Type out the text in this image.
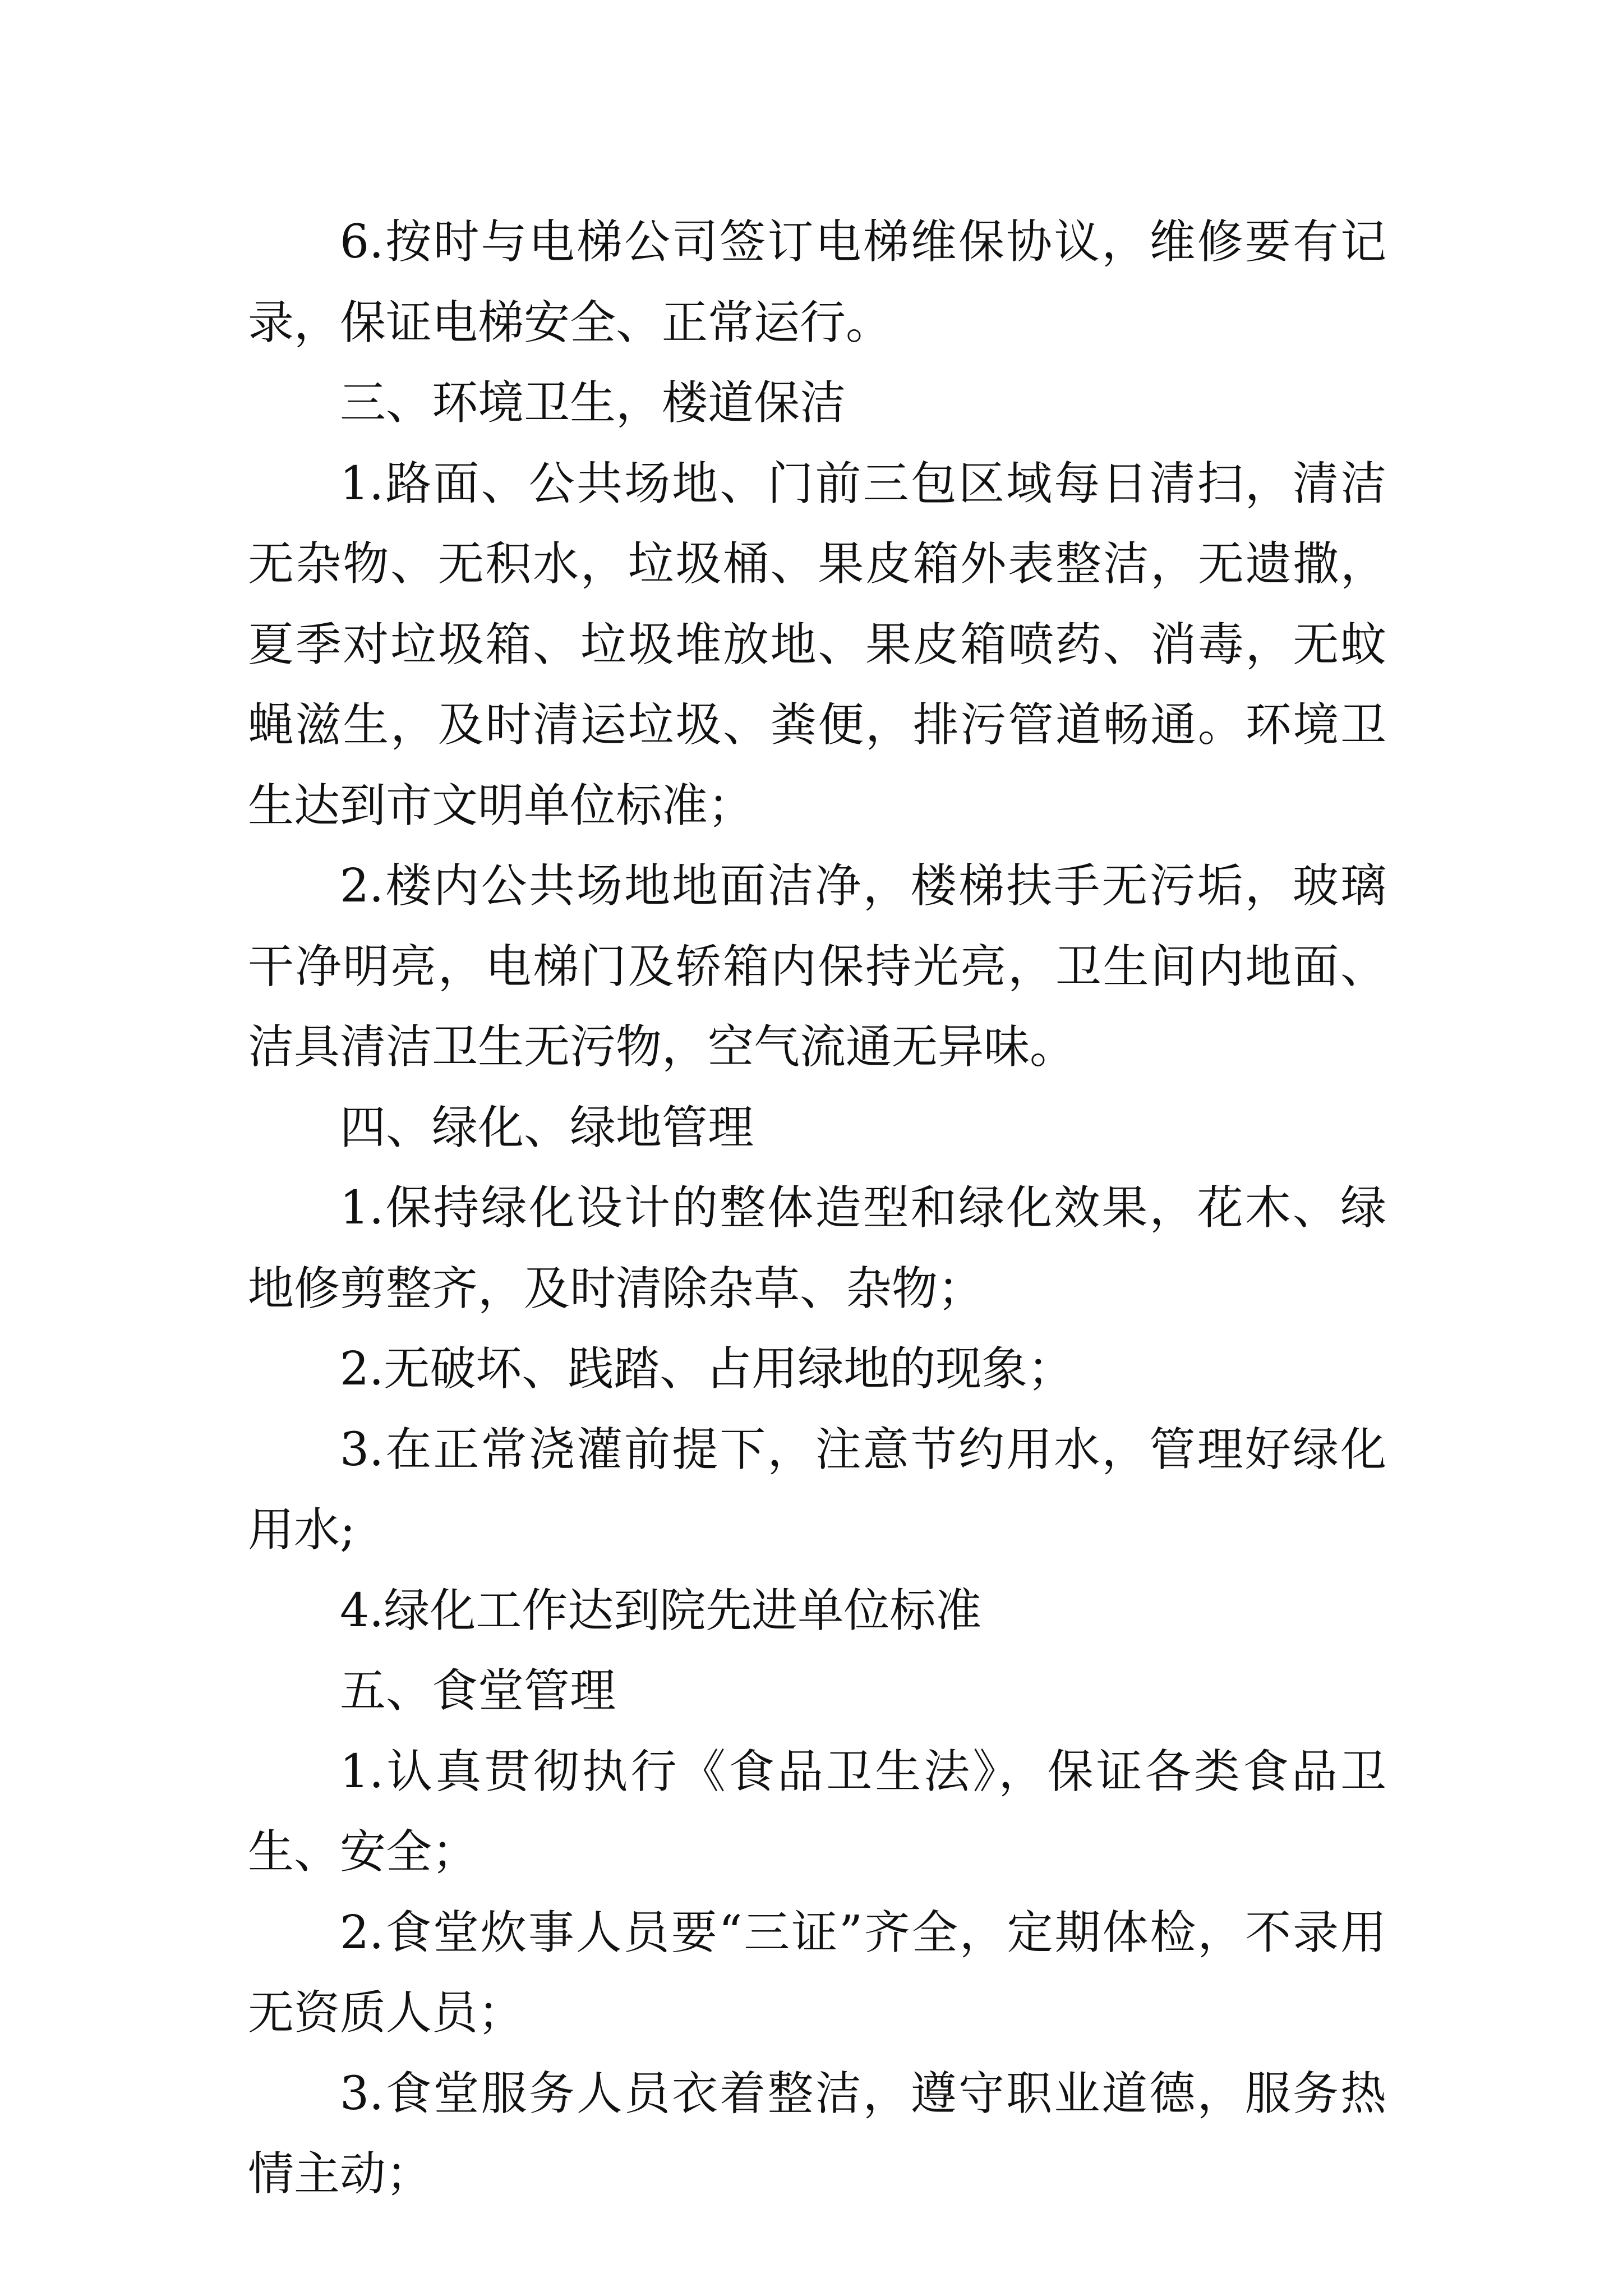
6.按时与电梯公司签订电梯维保协议，维修要有记录，保证电梯安全、正常运行。

三、环境卫生，楼道保洁

1.路面、公共场地、门前三包区域每日清扫，清洁无杂物、无积水，垃圾桶、果皮箱外表整洁，无遗撒，夏季对垃圾箱、垃圾堆放地、果皮箱喷药、消毒，无蚊蝇滋生，及时清运垃圾、粪便，排污管道畅通。环境卫生达到市文明单位标准；

2.楼内公共场地地面洁净，楼梯扶手无污垢，玻璃干净明亮，电梯门及轿箱内保持光亮，卫生间内地面、洁具清洁卫生无污物，空气流通无异味。

四、绿化、绿地管理

1.保持绿化设计的整体造型和绿化效果，花木、绿地修剪整齐，及时清除杂草、杂物；

2.无破坏、践踏、占用绿地的现象；

3.在正常浇灌前提下，注意节约用水，管理好绿化用水;

4.绿化工作达到院先进单位标准

五、食堂管理

1.认真贯彻执行《食品卫生法》，保证各类食品卫生、安全；

2.食堂炊事人员要“三证”齐全，定期体检，不录用无资质人员；

3.食堂服务人员衣着整洁，遵守职业道德，服务热情主动；
